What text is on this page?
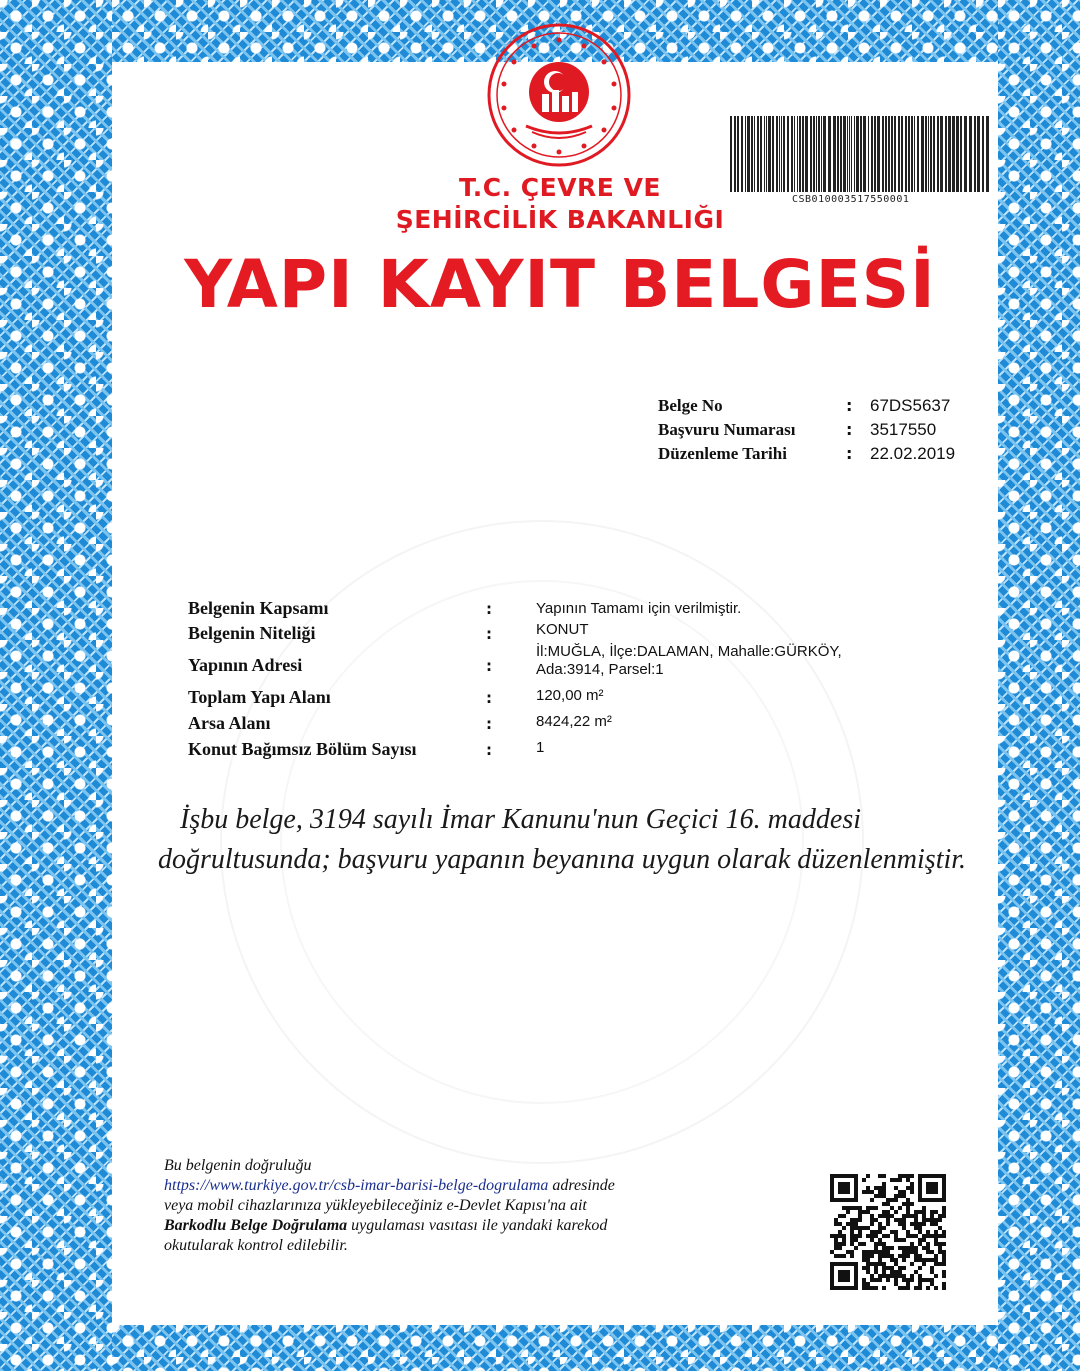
T.C. ÇEVRE VE
ŞEHİRCİLİK BAKANLIĞI
YAPI KAYIT BELGESİ
CSB010003517550001
Belge No	: 67DS5637
Başvuru Numarası	: 3517550
Düzenleme Tarihi	: 22.02.2019
Belgenin Kapsamı	:	Yapının Tamamı için verilmiştir.
Belgenin Niteliği	:	KONUT
Yapının Adresi	:
İl:MUĞLA, İlçe:DALAMAN, Mahalle:GÜRKÖY,
Ada:3914, Parsel:1
Toplam Yapı Alanı	:	120,00 m²
Arsa Alanı	:	8424,22 m²
Konut Bağımsız Bölüm Sayısı	:	1
İşbu belge, 3194 sayılı İmar Kanunu'nun Geçici 16. maddesi doğrultusunda; başvuru yapanın beyanına uygun olarak düzenlenmiştir.
Bu belgenin doğruluğu
https://www.turkiye.gov.tr/csb-imar-barisi-belge-dogrulama adresinde
veya mobil cihazlarınıza yükleyebileceğiniz e-Devlet Kapısı'na ait
Barkodlu Belge Doğrulama uygulaması vasıtası ile yandaki karekod
okutularak kontrol edilebilir.
